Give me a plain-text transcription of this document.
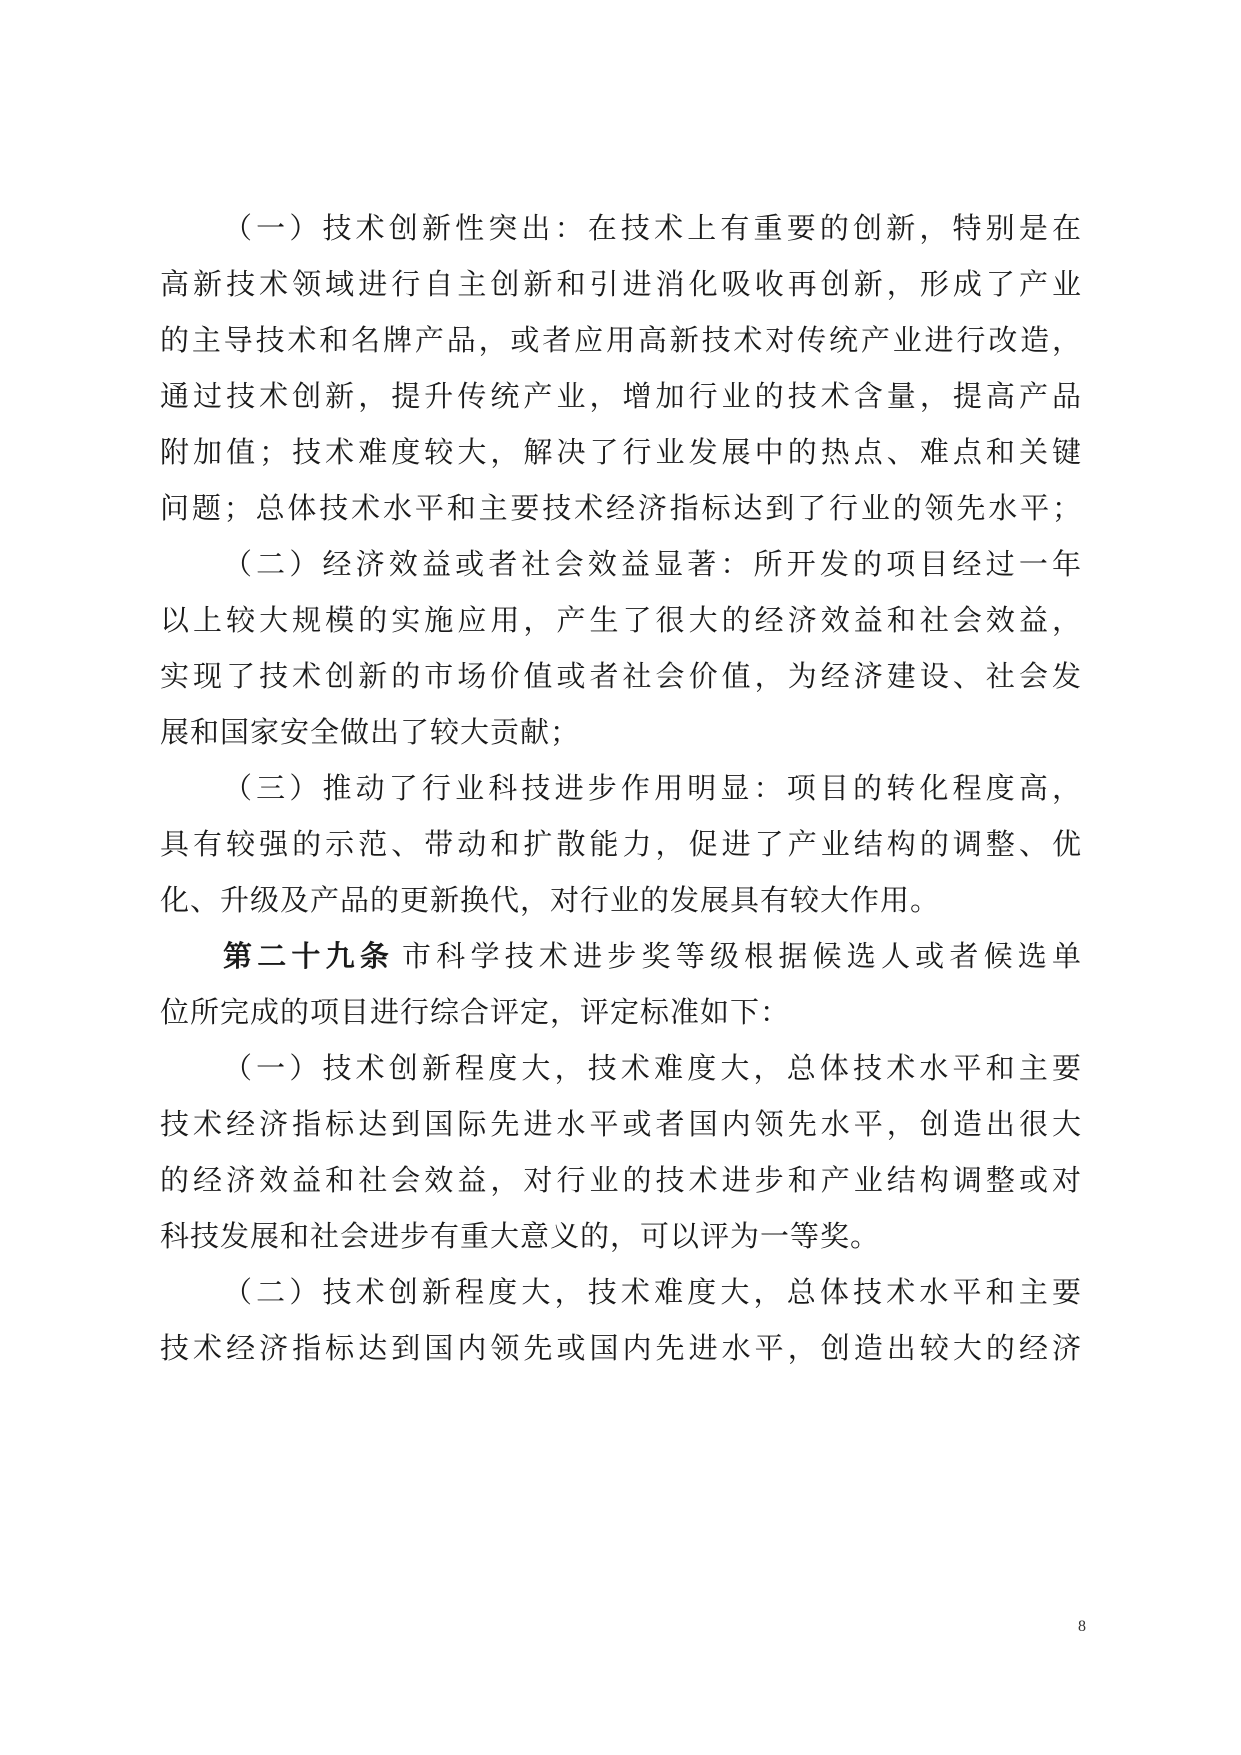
（一）技术创新性突出：在技术上有重要的创新，特别是在
高新技术领域进行自主创新和引进消化吸收再创新，形成了产业
的主导技术和名牌产品，或者应用高新技术对传统产业进行改造，
通过技术创新，提升传统产业，增加行业的技术含量，提高产品
附加值；技术难度较大，解决了行业发展中的热点、难点和关键
问题；总体技术水平和主要技术经济指标达到了行业的领先水平；
（二）经济效益或者社会效益显著：所开发的项目经过一年
以上较大规模的实施应用，产生了很大的经济效益和社会效益，
实现了技术创新的市场价值或者社会价值，为经济建设、社会发
展和国家安全做出了较大贡献；
（三）推动了行业科技进步作用明显：项目的转化程度高，
具有较强的示范、带动和扩散能力，促进了产业结构的调整、优
化、升级及产品的更新换代，对行业的发展具有较大作用。
第二十九条 市科学技术进步奖等级根据候选人或者候选单
位所完成的项目进行综合评定，评定标准如下：
（一）技术创新程度大，技术难度大，总体技术水平和主要
技术经济指标达到国际先进水平或者国内领先水平，创造出很大
的经济效益和社会效益，对行业的技术进步和产业结构调整或对
科技发展和社会进步有重大意义的，可以评为一等奖。
（二）技术创新程度大，技术难度大，总体技术水平和主要
技术经济指标达到国内领先或国内先进水平，创造出较大的经济
8
